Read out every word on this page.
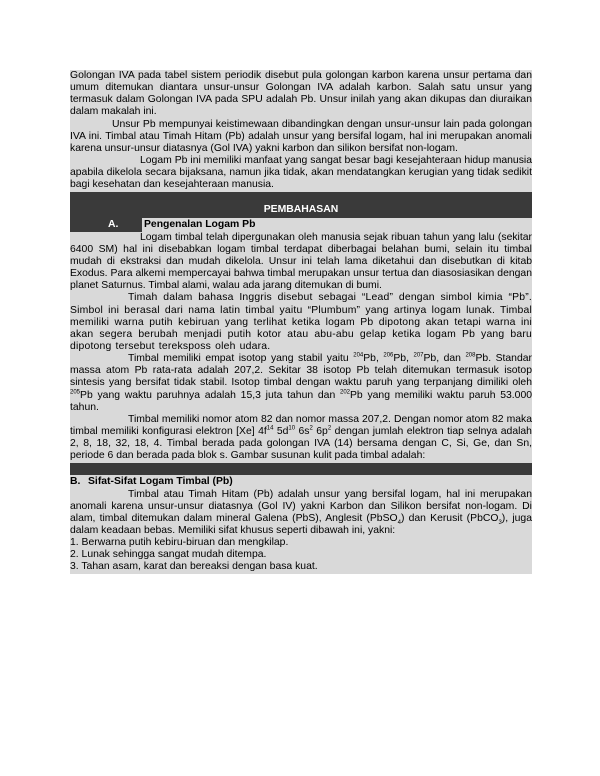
Golongan IVA pada tabel sistem periodik disebut pula golongan karbon karena unsur pertama dan umum ditemukan diantara unsur-unsur Golongan IVA adalah karbon. Salah satu unsur yang termasuk dalam Golongan IVA pada SPU adalah Pb. Unsur inilah yang akan dikupas dan diuraikan dalam makalah ini.

Unsur Pb mempunyai keistimewaan dibandingkan dengan unsur-unsur lain pada golongan IVA ini. Timbal atau Timah Hitam (Pb) adalah unsur yang bersifal logam, hal ini merupakan anomali karena unsur-unsur diatasnya (Gol IVA) yakni karbon dan silikon bersifat non-logam.

Logam Pb ini memiliki manfaat yang sangat besar bagi kesejahteraan hidup manusia apabila dikelola secara bijaksana, namun jika tidak, akan mendatangkan kerugian yang tidak sedikit bagi kesehatan dan kesejahteraan manusia.

PEMBAHASAN

A.	Pengenalan Logam Pb

Logam timbal telah dipergunakan oleh manusia sejak ribuan tahun yang lalu (sekitar 6400 SM) hal ini disebabkan logam timbal terdapat diberbagai belahan bumi, selain itu timbal mudah di ekstraksi dan mudah dikelola. Unsur ini telah lama diketahui dan disebutkan di kitab Exodus. Para alkemi mempercayai bahwa timbal merupakan unsur tertua dan diasosiasikan dengan planet Saturnus. Timbal alami, walau ada jarang ditemukan di bumi.

Timah dalam bahasa Inggris disebut sebagai “Lead” dengan simbol kimia “Pb”. Simbol ini berasal dari nama latin timbal yaitu “Plumbum” yang artinya logam lunak. Timbal memiliki warna putih kebiruan yang terlihat ketika logam Pb dipotong akan tetapi warna ini akan segera berubah menjadi putih kotor atau abu-abu gelap ketika logam Pb yang baru dipotong tersebut tereksposs oleh udara.

Timbal memiliki empat isotop yang stabil yaitu $^{204}$Pb, $^{206}$Pb, $^{207}$Pb, dan $^{208}$Pb. Standar massa atom Pb rata-rata adalah 207,2. Sekitar 38 isotop Pb telah ditemukan termasuk isotop sintesis yang bersifat tidak stabil. Isotop timbal dengan waktu paruh yang terpanjang dimiliki oleh $^{205}$Pb yang waktu paruhnya adalah 15,3 juta tahun dan $^{202}$Pb yang memiliki waktu paruh 53.000 tahun.

Timbal memiliki nomor atom 82 dan nomor massa 207,2. Dengan nomor atom 82 maka timbal memiliki konfigurasi elektron [Xe] $4f^{14}$ $5d^{10}$ $6s^2$ $6p^2$ dengan jumlah elektron tiap selnya adalah 2, 8, 18, 32, 18, 4. Timbal berada pada golongan IVA (14) bersama dengan C, Si, Ge, dan Sn, periode 6 dan berada pada blok s. Gambar susunan kulit pada timbal adalah:

B. Sifat-Sifat Logam Timbal (Pb)

Timbal atau Timah Hitam (Pb) adalah unsur yang bersifal logam, hal ini merupakan anomali karena unsur-unsur diatasnya (Gol IV) yakni Karbon dan Silikon bersifat non-logam. Di alam, timbal ditemukan dalam mineral Galena (PbS), Anglesit (PbSO$_4$) dan Kerusit (PbCO$_3$), juga dalam keadaan bebas. Memiliki sifat khusus seperti dibawah ini, yakni:

1. Berwarna putih kebiru-biruan dan mengkilap.

2. Lunak sehingga sangat mudah ditempa.

3. Tahan asam, karat dan bereaksi dengan basa kuat.
